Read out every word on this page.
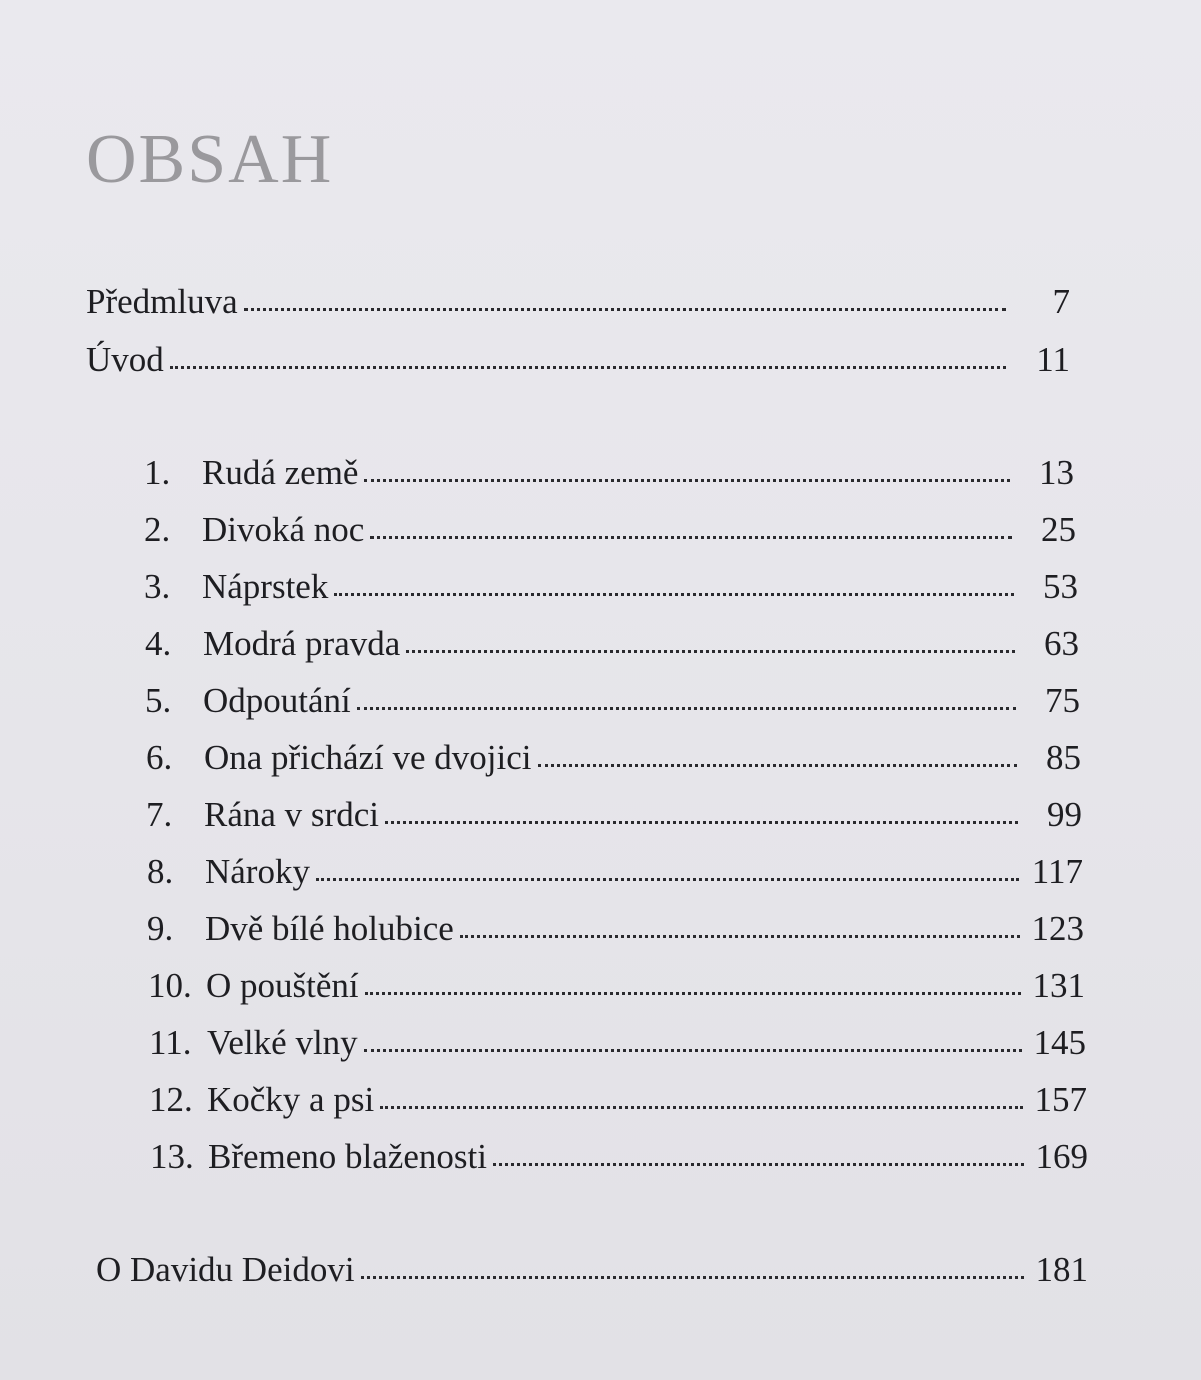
OBSAH
Předmluva	7
Úvod	11
1. Rudá země	13
2. Divoká noc	25
3. Náprstek	53
4. Modrá pravda	63
5. Odpoutání	75
6. Ona přichází ve dvojici	85
7. Rána v srdci	99
8. Nároky	117
9. Dvě bílé holubice	123
10. O pouštění	131
11. Velké vlny	145
12. Kočky a psi	157
13. Břemeno blaženosti	169
O Davidu Deidovi	181
